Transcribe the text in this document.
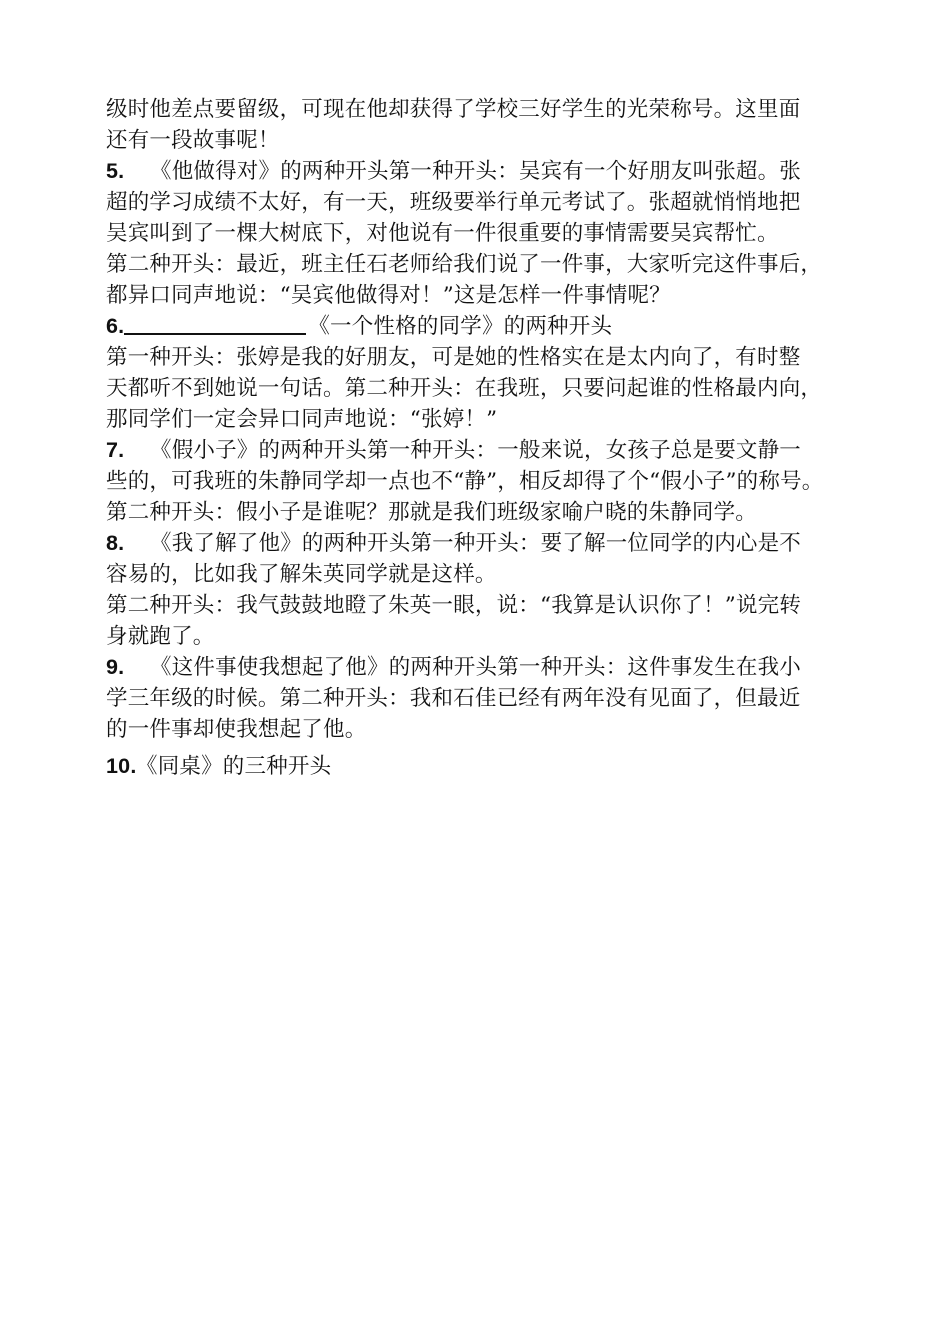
级时他差点要留级，可现在他却获得了学校三好学生的光荣称号。这里面
还有一段故事呢！
5. 《他做得对》的两种开头第一种开头：吴宾有一个好朋友叫张超。张
超的学习成绩不太好，有一天，班级要举行单元考试了。张超就悄悄地把
吴宾叫到了一棵大树底下，对他说有一件很重要的事情需要吴宾帮忙。
第二种开头：最近，班主任石老师给我们说了一件事，大家听完这件事后，
都异口同声地说：“吴宾他做得对！”这是怎样一件事情呢？
6.	《一个性格的同学》的两种开头
第一种开头：张婷是我的好朋友，可是她的性格实在是太内向了，有时整
天都听不到她说一句话。第二种开头：在我班，只要问起谁的性格最内向，
那同学们一定会异口同声地说：“张婷！”
7. 《假小子》的两种开头第一种开头：一般来说，女孩子总是要文静一
些的，可我班的朱静同学却一点也不“静”，相反却得了个“假小子”的称号。
第二种开头：假小子是谁呢？那就是我们班级家喻户晓的朱静同学。
8. 《我了解了他》的两种开头第一种开头：要了解一位同学的内心是不
容易的，比如我了解朱英同学就是这样。
第二种开头：我气鼓鼓地瞪了朱英一眼，说：“我算是认识你了！”说完转
身就跑了。
9. 《这件事使我想起了他》的两种开头第一种开头：这件事发生在我小
学三年级的时候。第二种开头：我和石佳已经有两年没有见面了，但最近
的一件事却使我想起了他。
10.《同桌》的三种开头
